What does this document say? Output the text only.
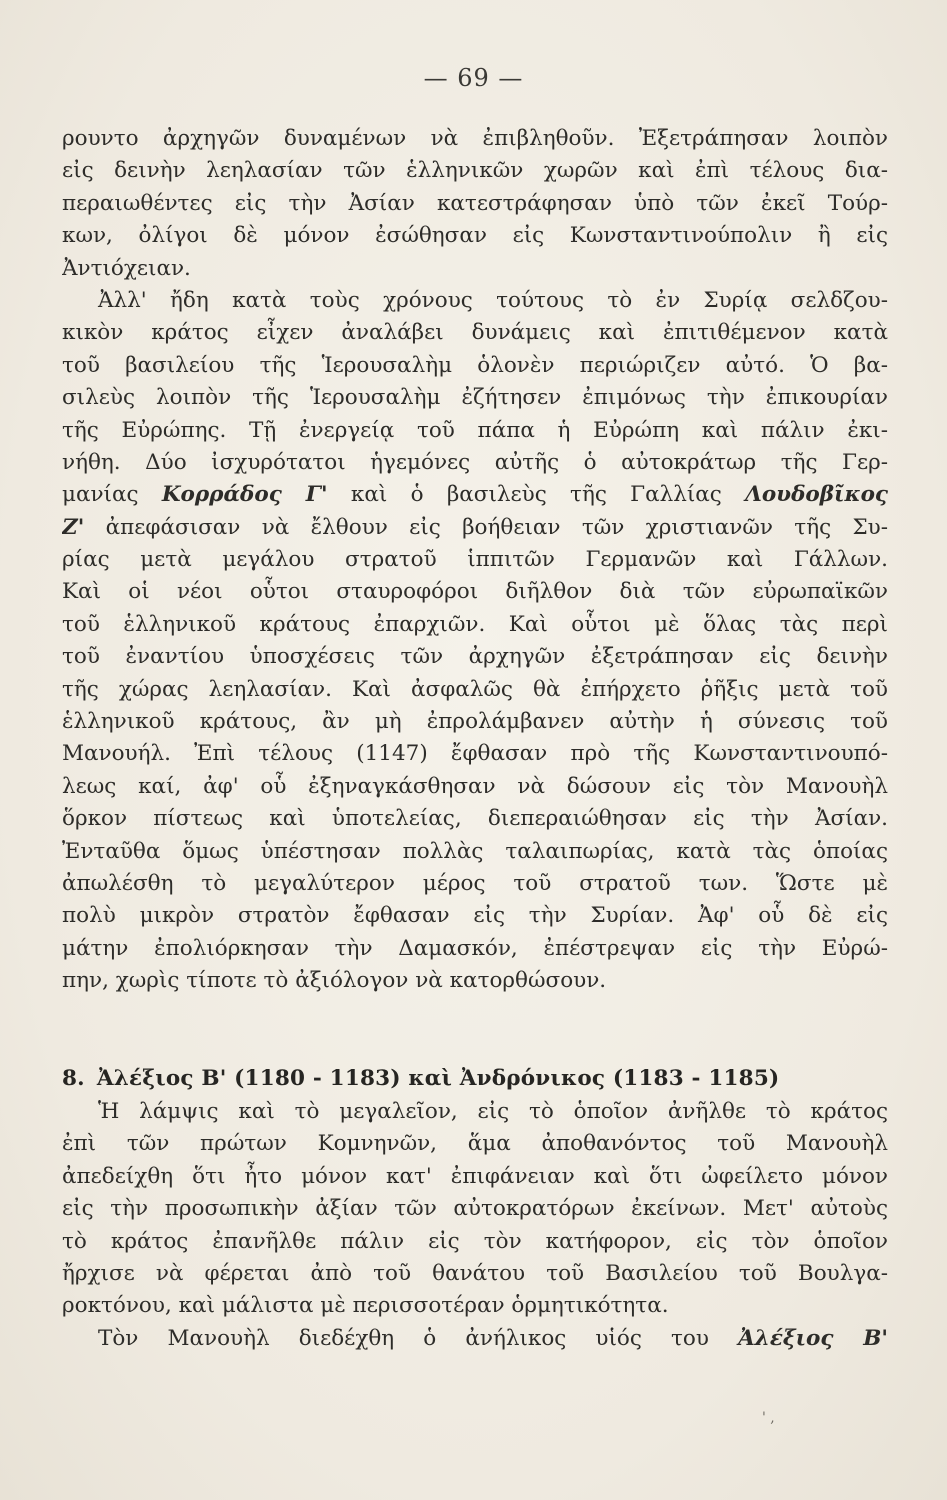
— 69 —
ρουντο ἀρχηγῶν δυναμένων νὰ ἐπιβληθοῦν. Ἐξετράπησαν λοιπὸν
εἰς δεινὴν λεηλασίαν τῶν ἑλληνικῶν χωρῶν καὶ ἐπὶ τέλους δια-
περαιωθέντες εἰς τὴν Ἀσίαν κατεστράφησαν ὑπὸ τῶν ἐκεῖ Τούρ-
κων, ὀλίγοι δὲ μόνον ἐσώθησαν εἰς Κωνσταντινούπολιν ἢ εἰς
Ἀντιόχειαν.
Ἀλλ' ἤδη κατὰ τοὺς χρόνους τούτους τὸ ἐν Συρίᾳ σελδζου-
κικὸν κράτος εἶχεν ἀναλάβει δυνάμεις καὶ ἐπιτιθέμενον κατὰ
τοῦ βασιλείου τῆς Ἱερουσαλὴμ ὁλονὲν περιώριζεν αὐτό. Ὁ βα-
σιλεὺς λοιπὸν τῆς Ἱερουσαλὴμ ἐζήτησεν ἐπιμόνως τὴν ἐπικουρίαν
τῆς Εὐρώπης. Τῇ ἐνεργείᾳ τοῦ πάπα ἡ Εὐρώπη καὶ πάλιν ἐκι-
νήθη. Δύο ἰσχυρότατοι ἡγεμόνες αὐτῆς ὁ αὐτοκράτωρ τῆς Γερ-
μανίας Κορράδος Γ' καὶ ὁ βασιλεὺς τῆς Γαλλίας Λουδοβῖκος
Ζ' ἀπεφάσισαν νὰ ἔλθουν εἰς βοήθειαν τῶν χριστιανῶν τῆς Συ-
ρίας μετὰ μεγάλου στρατοῦ ἱππιτῶν Γερμανῶν καὶ Γάλλων.
Καὶ οἱ νέοι οὗτοι σταυροφόροι διῆλθον διὰ τῶν εὐρωπαϊκῶν
τοῦ ἑλληνικοῦ κράτους ἐπαρχιῶν. Καὶ οὗτοι μὲ ὅλας τὰς περὶ
τοῦ ἐναντίου ὑποσχέσεις τῶν ἀρχηγῶν ἐξετράπησαν εἰς δεινὴν
τῆς χώρας λεηλασίαν. Καὶ ἀσφαλῶς θὰ ἐπήρχετο ῥῆξις μετὰ τοῦ
ἑλληνικοῦ κράτους, ἂν μὴ ἐπρολάμβανεν αὐτὴν ἡ σύνεσις τοῦ
Μανουήλ. Ἐπὶ τέλους (1147) ἔφθασαν πρὸ τῆς Κωνσταντινουπό-
λεως καί, ἀφ' οὗ ἐξηναγκάσθησαν νὰ δώσουν εἰς τὸν Μανουὴλ
ὅρκον πίστεως καὶ ὑποτελείας, διεπεραιώθησαν εἰς τὴν Ἀσίαν.
Ἐνταῦθα ὅμως ὑπέστησαν πολλὰς ταλαιπωρίας, κατὰ τὰς ὁποίας
ἀπωλέσθη τὸ μεγαλύτερον μέρος τοῦ στρατοῦ των. Ὥστε μὲ
πολὺ μικρὸν στρατὸν ἔφθασαν εἰς τὴν Συρίαν. Ἀφ' οὗ δὲ εἰς
μάτην ἐπολιόρκησαν τὴν Δαμασκόν, ἐπέστρεψαν εἰς τὴν Εὐρώ-
πην, χωρὶς τίποτε τὸ ἀξιόλογον νὰ κατορθώσουν.
8. Ἀλέξιος Β' (1180 - 1183) καὶ Ἀνδρόνικος (1183 - 1185)
Ἡ λάμψις καὶ τὸ μεγαλεῖον, εἰς τὸ ὁποῖον ἀνῆλθε τὸ κράτος
ἐπὶ τῶν πρώτων Κομνηνῶν, ἅμα ἀποθανόντος τοῦ Μανουὴλ
ἀπεδείχθη ὅτι ἦτο μόνον κατ' ἐπιφάνειαν καὶ ὅτι ὠφείλετο μόνον
εἰς τὴν προσωπικὴν ἀξίαν τῶν αὐτοκρατόρων ἐκείνων. Μετ' αὐτοὺς
τὸ κράτος ἐπανῆλθε πάλιν εἰς τὸν κατήφορον, εἰς τὸν ὁποῖον
ἤρχισε νὰ φέρεται ἀπὸ τοῦ θανάτου τοῦ Βασιλείου τοῦ Βουλγα-
ροκτόνου, καὶ μάλιστα μὲ περισσοτέραν ὁρμητικότητα.
Τὸν Μανουὴλ διεδέχθη ὁ ἀνήλικος υἱός του Ἀλέξιος Β'
' ,
